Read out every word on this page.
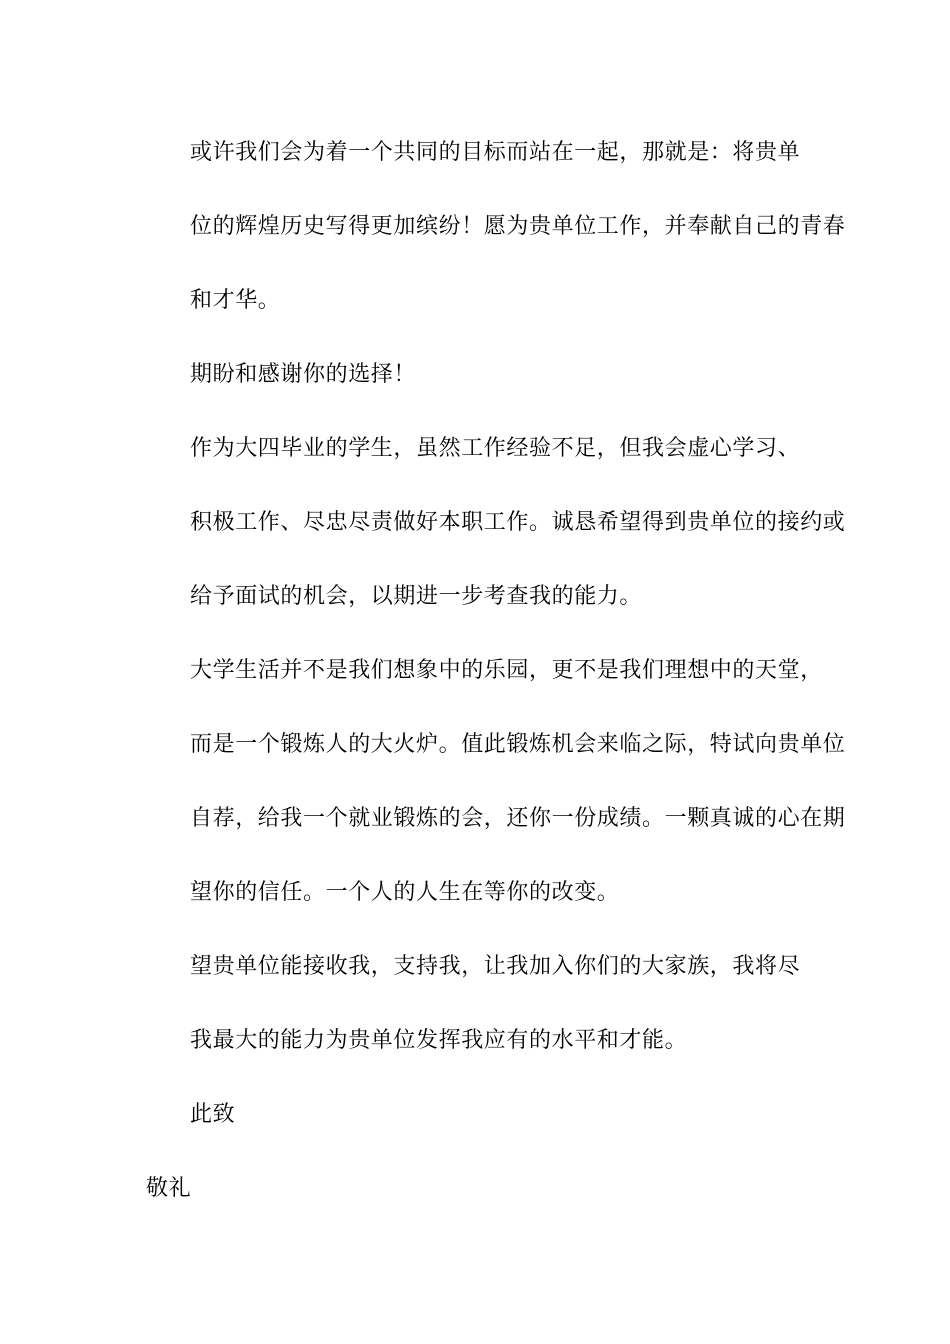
或许我们会为着一个共同的目标而站在一起，那就是：将贵单
位的辉煌历史写得更加缤纷！愿为贵单位工作，并奉献自己的青春
和才华。

期盼和感谢你的选择！

作为大四毕业的学生，虽然工作经验不足，但我会虚心学习、
积极工作、尽忠尽责做好本职工作。诚恳希望得到贵单位的接约或
给予面试的机会，以期进一步考查我的能力。

大学生活并不是我们想象中的乐园，更不是我们理想中的天堂，
而是一个锻炼人的大火炉。值此锻炼机会来临之际，特试向贵单位
自荐，给我一个就业锻炼的会，还你一份成绩。一颗真诚的心在期
望你的信任。一个人的人生在等你的改变。

望贵单位能接收我，支持我，让我加入你们的大家族，我将尽
我最大的能力为贵单位发挥我应有的水平和才能。

此致

敬礼
